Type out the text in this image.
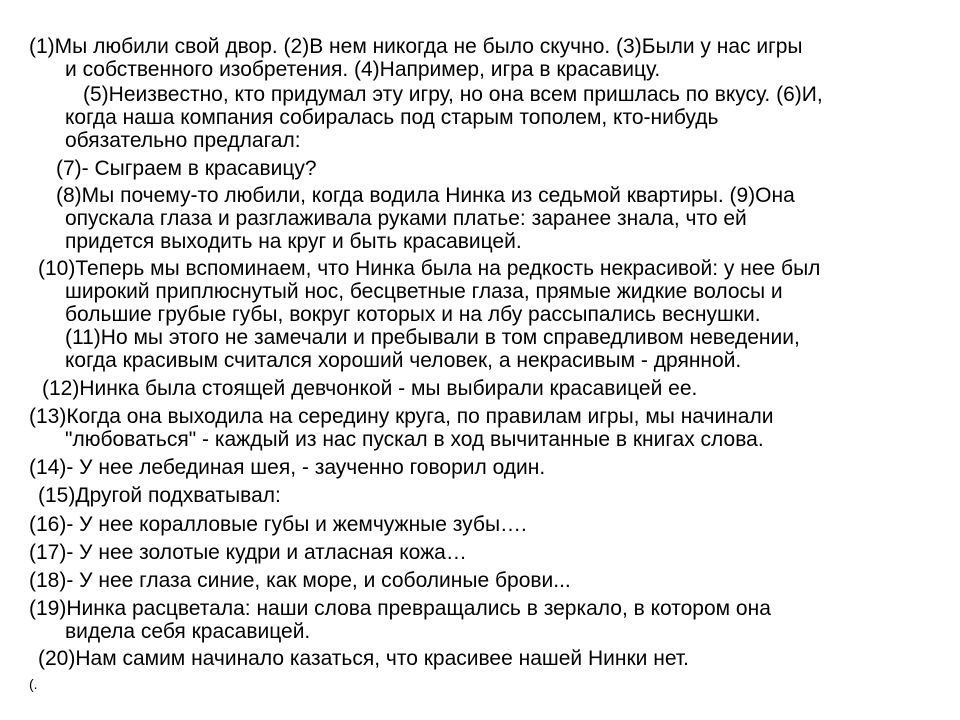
(1)Мы любили свой двор. (2)В нем никогда не было скучно. (3)Были у нас игры
и собственного изобретения. (4)Например, игра в красавицу.

(5)Неизвестно, кто придумал эту игру, но она всем пришлась по вкусу. (6)И,
когда наша компания собиралась под старым тополем, кто-нибудь
обязательно предлагал:

(7)- Сыграем в красавицу?

(8)Мы почему-то любили, когда водила Нинка из седьмой квартиры. (9)Она
опускала глаза и разглаживала руками платье: заранее знала, что ей
придется выходить на круг и быть красавицей.

(10)Теперь мы вспоминаем, что Нинка была на редкость некрасивой: у нее был
широкий приплюснутый нос, бесцветные глаза, прямые жидкие волосы и
большие грубые губы, вокруг которых и на лбу рассыпались веснушки.
(11)Но мы этого не замечали и пребывали в том справедливом неведении,
когда красивым считался хороший человек, а некрасивым - дрянной.

(12)Нинка была стоящей девчонкой - мы выбирали красавицей ее.

(13)Когда она выходила на середину круга, по правилам игры, мы начинали
"любоваться" - каждый из нас пускал в ход вычитанные в книгах слова.

(14)- У нее лебединая шея, - заученно говорил один.

(15)Другой подхватывал:

(16)- У нее коралловые губы и жемчужные зубы….

(17)- У нее золотые кудри и атласная кожа…

(18)- У нее глаза синие, как море, и соболиные брови...

(19)Нинка расцветала: наши слова превращались в зеркало, в котором она
видела себя красавицей.

(20)Нам самим начинало казаться, что красивее нашей Нинки нет.

(.
